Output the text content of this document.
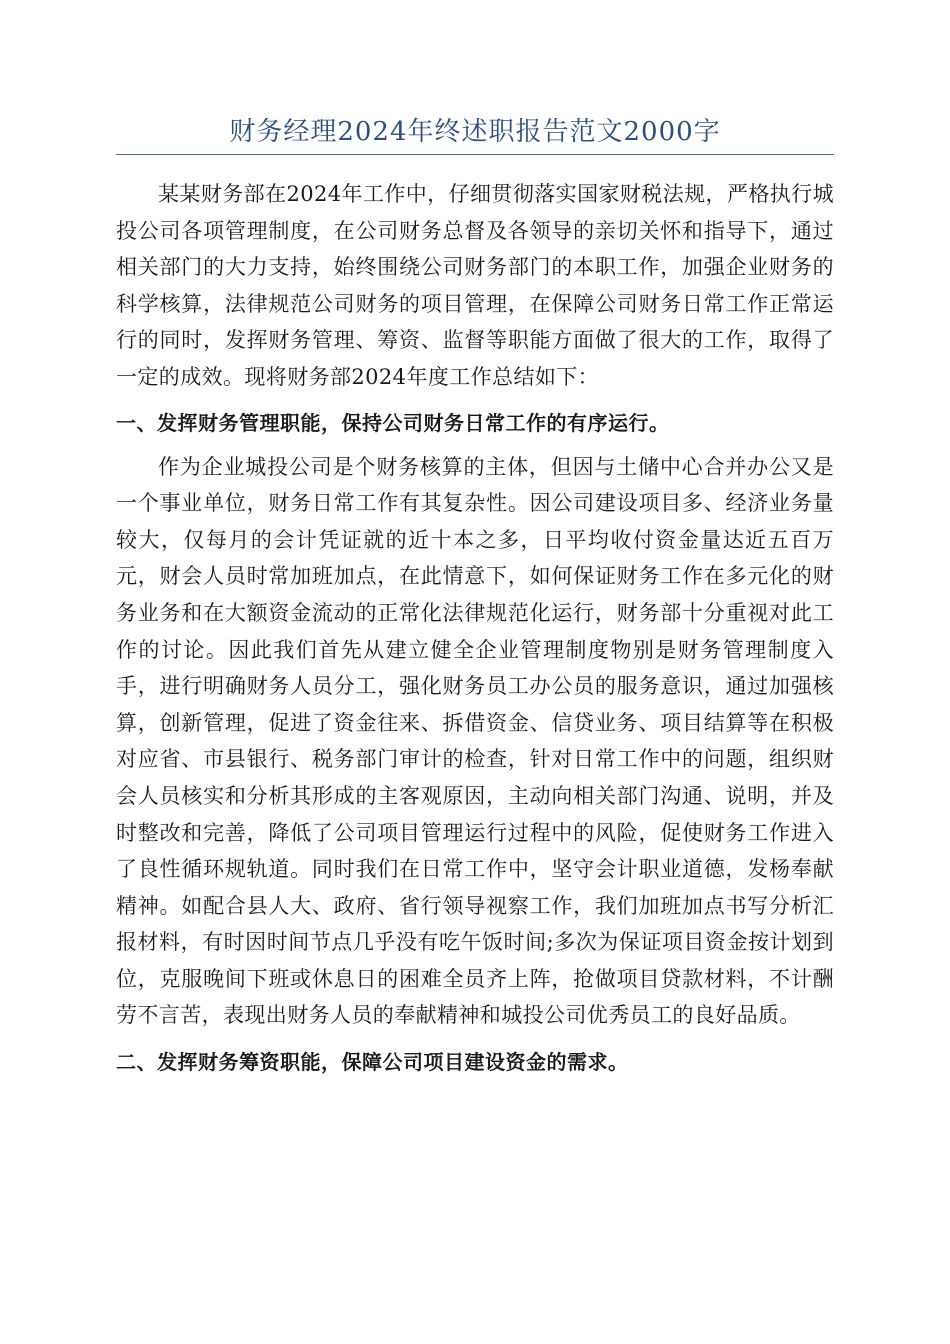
财务经理2024年终述职报告范文2000字

某某财务部在2024年工作中，仔细贯彻落实国家财税法规，严格执行城投公司各项管理制度，在公司财务总督及各领导的亲切关怀和指导下，通过相关部门的大力支持，始终围绕公司财务部门的本职工作，加强企业财务的科学核算，法律规范公司财务的项目管理，在保障公司财务日常工作正常运行的同时，发挥财务管理、筹资、监督等职能方面做了很大的工作，取得了一定的成效。现将财务部2024年度工作总结如下：

一、发挥财务管理职能，保持公司财务日常工作的有序运行。

作为企业城投公司是个财务核算的主体，但因与土储中心合并办公又是一个事业单位，财务日常工作有其复杂性。因公司建设项目多、经济业务量较大，仅每月的会计凭证就的近十本之多，日平均收付资金量达近五百万元，财会人员时常加班加点，在此情意下，如何保证财务工作在多元化的财务业务和在大额资金流动的正常化法律规范化运行，财务部十分重视对此工作的讨论。因此我们首先从建立健全企业管理制度物别是财务管理制度入手，进行明确财务人员分工，强化财务员工办公员的服务意识，通过加强核算，创新管理，促进了资金往来、拆借资金、信贷业务、项目结算等在积极对应省、市县银行、税务部门审计的检查，针对日常工作中的问题，组织财会人员核实和分析其形成的主客观原因，主动向相关部门沟通、说明，并及时整改和完善，降低了公司项目管理运行过程中的风险，促使财务工作进入了良性循环规轨道。同时我们在日常工作中，坚守会计职业道德，发杨奉献精神。如配合县人大、政府、省行领导视察工作，我们加班加点书写分析汇报材料，有时因时间节点几乎没有吃午饭时间;多次为保证项目资金按计划到位，克服晚间下班或休息日的困难全员齐上阵，抢做项目贷款材料，不计酬劳不言苦，表现出财务人员的奉献精神和城投公司优秀员工的良好品质。

二、发挥财务筹资职能，保障公司项目建设资金的需求。
